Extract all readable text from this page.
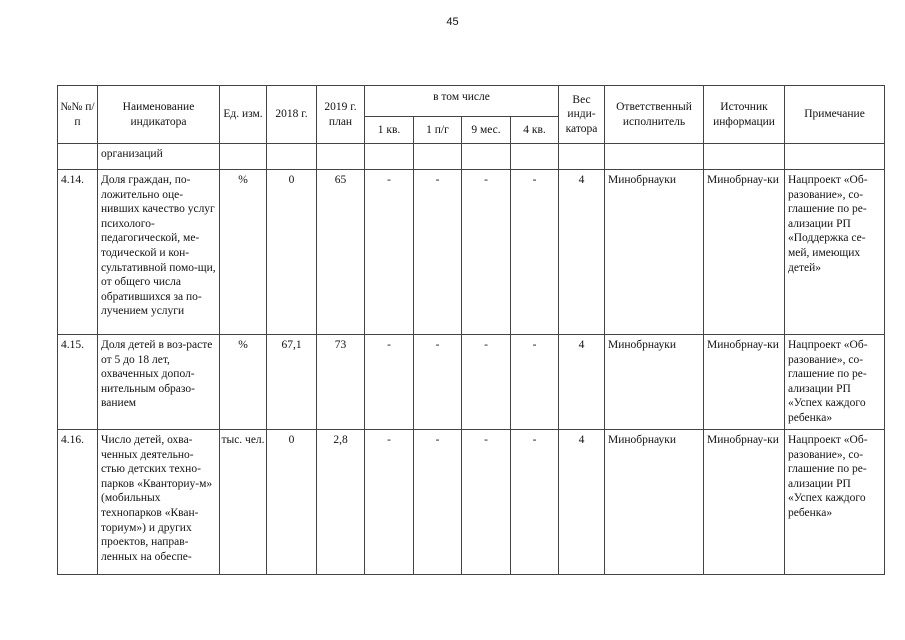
45
№№ п/п	Наименование индикатора	Ед. изм.	2018 г.	2019 г. план	в том числе				Вес инди-катора	Ответственный исполнитель	Источник информации	Примечание
					1 кв.	1 п/г	9 мес.	4 кв.				
	организаций											
4.14.	Доля граждан, по-ложительно оце-нивших качество услуг психолого-педагогической, ме-тодической и кон-сультативной помо-щи, от общего числа обратившихся за по-лучением услуги	%	0	65	-	-	-	-	4	Минобрнауки	Минобрнау-ки	Нацпроект «Об-разование», со-глашение по ре-ализации РП «Поддержка се-мей, имеющих детей»
4.15.	Доля детей в воз-расте от 5 до 18 лет, охваченных допол-нительным образо-ванием	%	67,1	73	-	-	-	-	4	Минобрнауки	Минобрнау-ки	Нацпроект «Об-разование», со-глашение по ре-ализации РП «Успех каждого ребенка»
4.16.	Число детей, охва-ченных деятельно-стью детских техно-парков «Кванториу-м» (мобильных технопарков «Кван-ториум») и других проектов, направ-ленных на обеспе-	тыс. чел.	0	2,8	-	-	-	-	4	Минобрнауки	Минобрнау-ки	Нацпроект «Об-разование», со-глашение по ре-ализации РП «Успех каждого ребенка»
